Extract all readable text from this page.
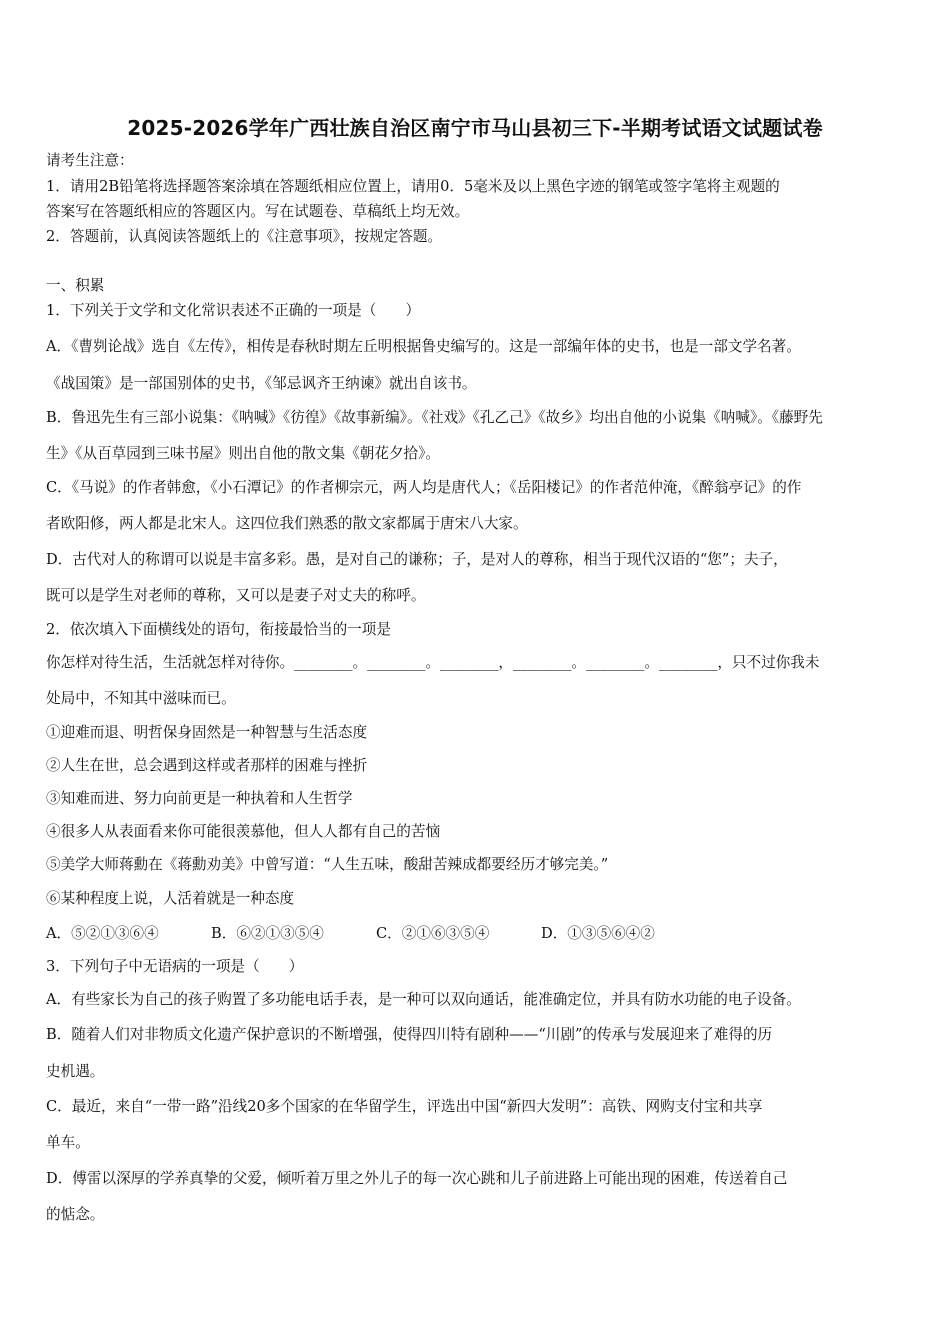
2025-2026学年广西壮族自治区南宁市马山县初三下-半期考试语文试题试卷
请考生注意：
1．请用2B铅笔将选择题答案涂填在答题纸相应位置上，请用0．5毫米及以上黑色字迹的钢笔或签字笔将主观题的
答案写在答题纸相应的答题区内。写在试题卷、草稿纸上均无效。
2．答题前，认真阅读答题纸上的《注意事项》，按规定答题。
一、积累
1．下列关于文学和文化常识表述不正确的一项是（　　）
A．《曹刿论战》选自《左传》，相传是春秋时期左丘明根据鲁史编写的。这是一部编年体的史书，也是一部文学名著。
《战国策》是一部国别体的史书，《邹忌讽齐王纳谏》就出自该书。
B．鲁迅先生有三部小说集：《呐喊》《彷徨》《故事新编》。《社戏》《孔乙己》《故乡》均出自他的小说集《呐喊》。《藤野先
生》《从百草园到三味书屋》则出自他的散文集《朝花夕拾》。
C．《马说》的作者韩愈，《小石潭记》的作者柳宗元，两人均是唐代人；《岳阳楼记》的作者范仲淹，《醉翁亭记》的作
者欧阳修，两人都是北宋人。这四位我们熟悉的散文家都属于唐宋八大家。
D．古代对人的称谓可以说是丰富多彩。愚，是对自己的谦称；子，是对人的尊称，相当于现代汉语的“您”；夫子，
既可以是学生对老师的尊称，又可以是妻子对丈夫的称呼。
2．依次填入下面横线处的语句，衔接最恰当的一项是
你怎样对待生活，生活就怎样对待你。________。________。________，________。________。________，只不过你我未
处局中，不知其中滋味而已。
①迎难而退、明哲保身固然是一种智慧与生活态度
②人生在世，总会遇到这样或者那样的困难与挫折
③知难而进、努力向前更是一种执着和人生哲学
④很多人从表面看来你可能很羡慕他，但人人都有自己的苦恼
⑤美学大师蒋勳在《蒋勳劝美》中曾写道：“人生五味，酸甜苦辣成都要经历才够完美。”
⑥某种程度上说，人活着就是一种态度
A．⑤②①③⑥④	B．⑥②①③⑤④	C．②①⑥③⑤④	D．①③⑤⑥④②
3．下列句子中无语病的一项是（　　）
A．有些家长为自己的孩子购置了多功能电话手表，是一种可以双向通话，能准确定位，并具有防水功能的电子设备。
B．随着人们对非物质文化遗产保护意识的不断增强，使得四川特有剧种——“川剧”的传承与发展迎来了难得的历
史机遇。
C．最近，来自“一带一路”沿线20多个国家的在华留学生，评选出中国“新四大发明”：高铁、网购支付宝和共享
单车。
D．傅雷以深厚的学养真挚的父爱，倾听着万里之外儿子的每一次心跳和儿子前进路上可能出现的困难，传送着自己
的惦念。
